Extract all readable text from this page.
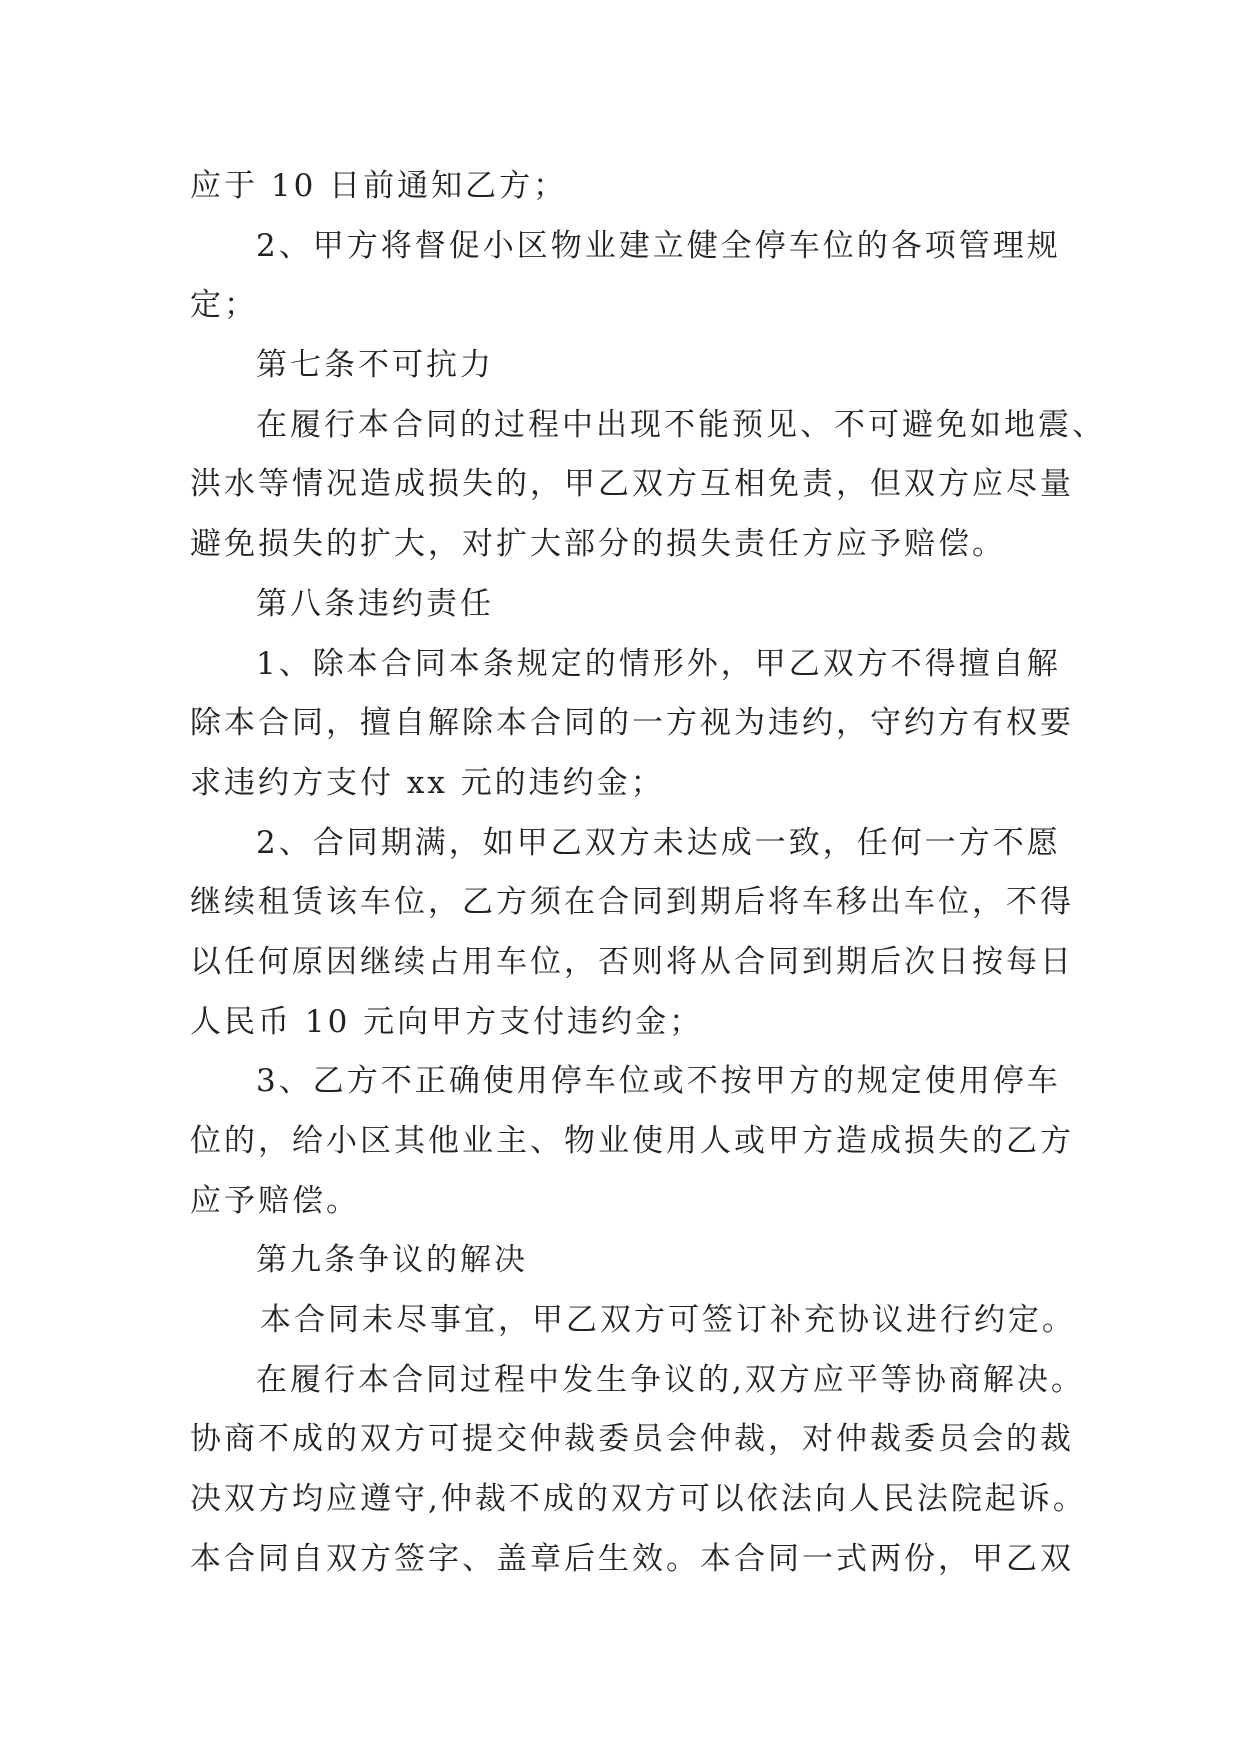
应于 10 日前通知乙方；
2、甲方将督促小区物业建立健全停车位的各项管理规
定；
第七条不可抗力
在履行本合同的过程中出现不能预见、不可避免如地震、
洪水等情况造成损失的，甲乙双方互相免责，但双方应尽量
避免损失的扩大，对扩大部分的损失责任方应予赔偿。
第八条违约责任
1、除本合同本条规定的情形外，甲乙双方不得擅自解
除本合同，擅自解除本合同的一方视为违约，守约方有权要
求违约方支付 xx 元的违约金；
2、合同期满，如甲乙双方未达成一致，任何一方不愿
继续租赁该车位，乙方须在合同到期后将车移出车位，不得
以任何原因继续占用车位，否则将从合同到期后次日按每日
人民币 10 元向甲方支付违约金；
3、乙方不正确使用停车位或不按甲方的规定使用停车
位的，给小区其他业主、物业使用人或甲方造成损失的乙方
应予赔偿。
第九条争议的解决
本合同未尽事宜，甲乙双方可签订补充协议进行约定。
在履行本合同过程中发生争议的,双方应平等协商解决。
协商不成的双方可提交仲裁委员会仲裁，对仲裁委员会的裁
决双方均应遵守,仲裁不成的双方可以依法向人民法院起诉。
本合同自双方签字、盖章后生效。本合同一式两份，甲乙双
